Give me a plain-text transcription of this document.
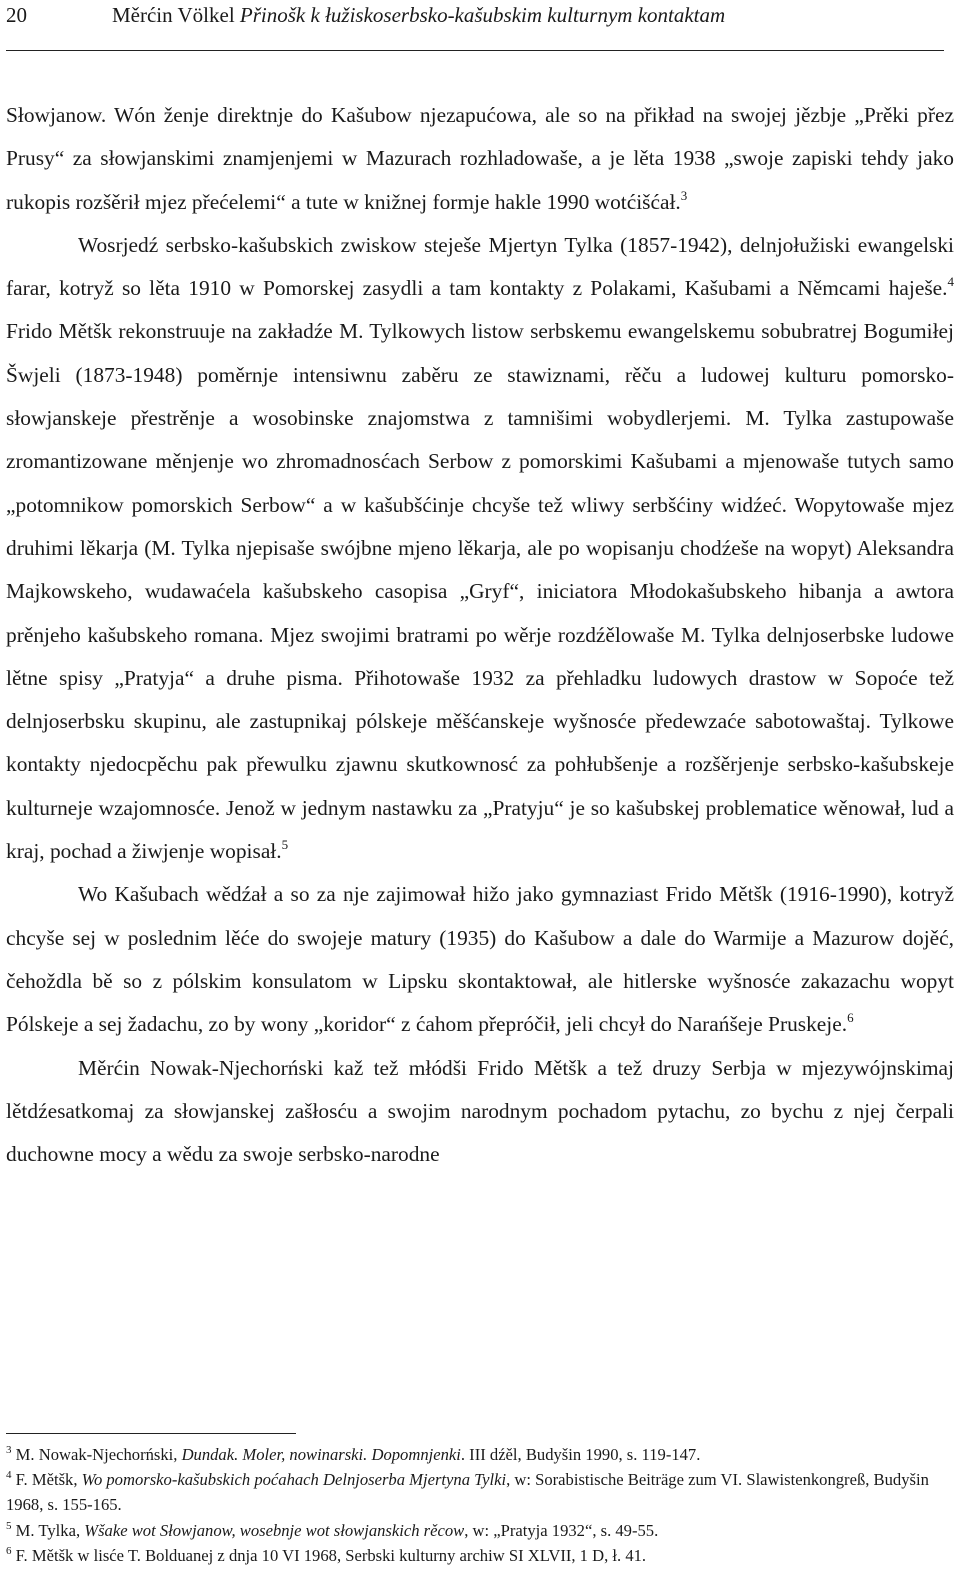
20	Měrćin Völkel Přinošk k łužiskoserbsko-kašubskim kulturnym kontaktam

Słowjanow. Wón ženje direktnje do Kašubow njezapućowa, ale so na přikład na swojej jězbje „Prěki přez Prusy“ za słowjanskimi znamjenjemi w Mazurach rozhladowaše, a je lěta 1938 „swoje zapiski tehdy jako rukopis rozšěrił mjez přećelemi“ a tute w knižnej formje hakle 1990 wotćišćał.$^3$

Wosrjedź serbsko-kašubskich zwiskow steješe Mjertyn Tylka (1857-1942), delnjołužiski ewangelski farar, kotryž so lěta 1910 w Pomorskej zasydli a tam kontakty z Polakami, Kašubami a Němcami haješe.$^4$ Frido Mětšk rekonstruuje na zakładźe M. Tylkowych listow serbskemu ewangelskemu sobubratrej Bogumiłej Šwjeli (1873-1948) poměrnje intensiwnu zaběru ze stawiznami, rěču a ludowej kulturu pomorsko-słowjanskeje přestrěnje a wosobinske znajomstwa z tamnišimi wobydlerjemi. M. Tylka zastupowaše zromantizowane měnjenje wo zhromadnosćach Serbow z pomorskimi Kašubami a mjenowaše tutych samo „potomnikow pomorskich Serbow“ a w kašubšćinje chcyše tež wliwy serbšćiny widźeć. Wopytowaše mjez druhimi lěkarja (M. Tylka njepisaše swójbne mjeno lěkarja, ale po wopisanju chodźeše na wopyt) Aleksandra Majkowskeho, wudawaćela kašubskeho casopisa „Gryf“, iniciatora Młodokašubskeho hibanja a awtora prěnjeho kašubskeho romana. Mjez swojimi bratrami po wěrje rozdźělowaše M. Tylka delnjoserbske ludowe lětne spisy „Pratyja“ a druhe pisma. Přihotowaše 1932 za přehladku ludowych drastow w Sopoće tež delnjoserbsku skupinu, ale zastupnikaj pólskeje měšćanskeje wyšnosće předewzaće sabotowaštaj. Tylkowe kontakty njedocpěchu pak přewulku zjawnu skutkownosć za pohłubšenje a rozšěrjenje serbsko-kašubskeje kulturneje wzajomnosće. Jenož w jednym nastawku za „Pratyju“ je so kašubskej problematice wěnował, lud a kraj, pochad a žiwjenje wopisał.$^5$

Wo Kašubach wědźał a so za nje zajimował hižo jako gymnaziast Frido Mětšk (1916-1990), kotryž chcyše sej w poslednim lěće do swojeje matury (1935) do Kašubow a dale do Warmije a Mazurow dojěć, čehoždla bě so z pólskim konsulatom w Lipsku skontaktował, ale hitlerske wyšnosće zakazachu wopyt Pólskeje a sej žadachu, zo by wony „koridor“ z ćahom přepróčił, jeli chcył do Narańšeje Pruskeje.$^6$

Měrćin Nowak-Njechorński kaž tež młódši Frido Mětšk a tež druzy Serbja w mjezywójnskimaj lětdźesatkomaj za słowjanskej zašłosću a swojim narodnym pochadom pytachu, zo bychu z njej čerpali duchowne mocy a wědu za swoje serbsko-narodne

$^3$ M. Nowak-Njechorński, Dundak. Moler, nowinarski. Dopomnjenki. III dźěl, Budyšin 1990, s. 119-147.

$^4$ F. Mětšk, Wo pomorsko-kašubskich poćahach Delnjoserba Mjertyna Tylki, w: Sorabistische Beiträge zum VI. Slawistenkongreß, Budyšin 1968, s. 155-165.

$^5$ M. Tylka, Wšake wot Słowjanow, wosebnje wot słowjanskich rěcow, w: „Pratyja 1932“, s. 49-55.

$^6$ F. Mětšk w lisće T. Bolduanej z dnja 10 VI 1968, Serbski kulturny archiw SI XLVII, 1 D, ł. 41.
